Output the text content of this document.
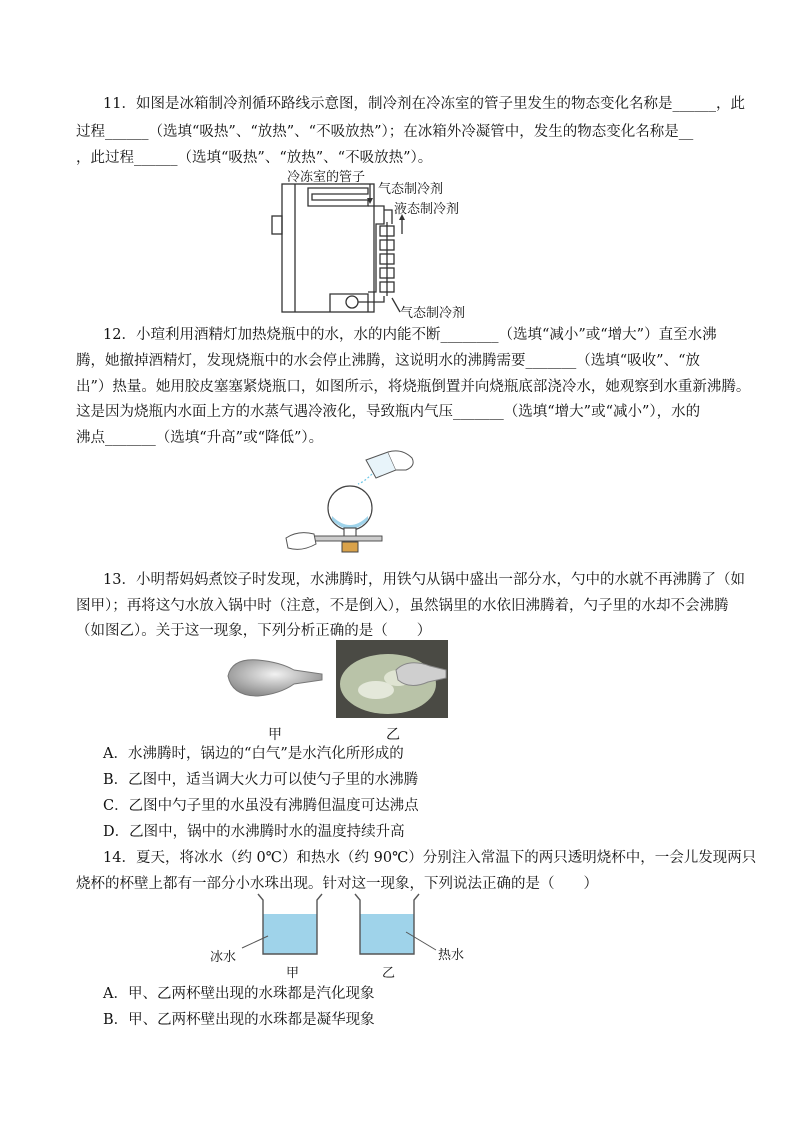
11．如图是冰箱制冷剂循环路线示意图，制冷剂在冷冻室的管子里发生的物态变化名称是______，此
过程______（选填“吸热”、“放热”、“不吸放热”）；在冰箱外冷凝管中，发生的物态变化名称是__
，此过程______（选填“吸热”、“放热”、“不吸放热”）。
冷冻室的管子
气态制冷剂
液态制冷剂
气态制冷剂
12．小瑄利用酒精灯加热烧瓶中的水，水的内能不断________（选填“减小”或“增大”）直至水沸
腾，她撤掉酒精灯，发现烧瓶中的水会停止沸腾，这说明水的沸腾需要_______（选填“吸收”、“放
出”）热量。她用胶皮塞塞紧烧瓶口，如图所示，将烧瓶倒置并向烧瓶底部浇冷水，她观察到水重新沸腾。
这是因为烧瓶内水面上方的水蒸气遇冷液化，导致瓶内气压_______（选填“增大”或“减小”），水的
沸点_______（选填“升高”或“降低”）。
13．小明帮妈妈煮饺子时发现，水沸腾时，用铁勺从锅中盛出一部分水，勺中的水就不再沸腾了（如
图甲）；再将这勺水放入锅中时（注意，不是倒入），虽然锅里的水依旧沸腾着，勺子里的水却不会沸腾
（如图乙）。关于这一现象，下列分析正确的是（　　）
甲	乙
A．水沸腾时，锅边的“白气”是水汽化所形成的
B．乙图中，适当调大火力可以使勺子里的水沸腾
C．乙图中勺子里的水虽没有沸腾但温度可达沸点
D．乙图中，锅中的水沸腾时水的温度持续升高
14．夏天，将冰水（约 0℃）和热水（约 90℃）分别注入常温下的两只透明烧杯中，一会儿发现两只
烧杯的杯壁上都有一部分小水珠出现。针对这一现象，下列说法正确的是（　　）
冰水	热水
甲	乙
A．甲、乙两杯壁出现的水珠都是汽化现象
B．甲、乙两杯壁出现的水珠都是凝华现象
